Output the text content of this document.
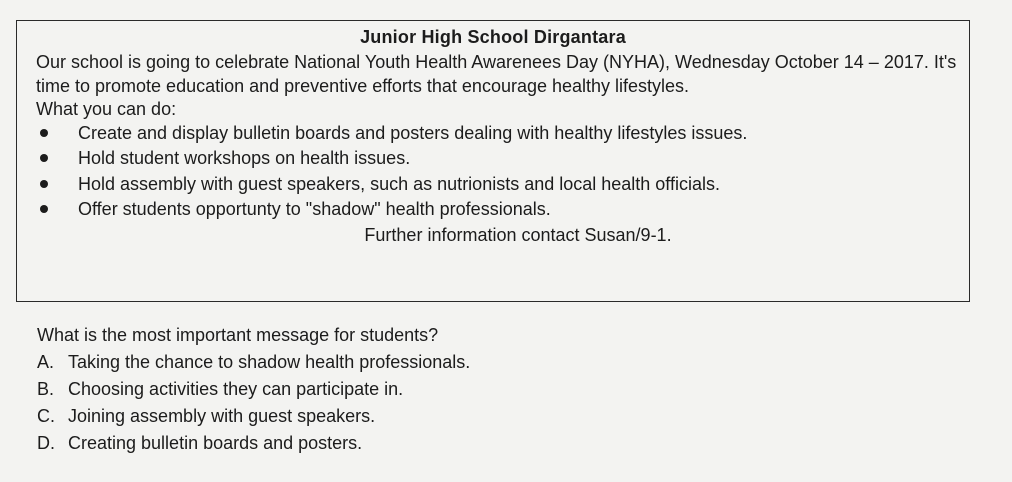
Junior High School Dirgantara

Our school is going to celebrate National Youth Health Awarenees Day (NYHA), Wednesday October 14 – 2017. It's time to promote education and preventive efforts that encourage healthy lifestyles.

What you can do:

Create and display bulletin boards and posters dealing with healthy lifestyles issues.
Hold student workshops on health issues.
Hold assembly with guest speakers, such as nutrionists and local health officials.
Offer students opportunty to "shadow" health professionals.

Further information contact Susan/9-1.

What is the most important message for students?

A. Taking the chance to shadow health professionals.
B. Choosing activities they can participate in.
C. Joining assembly with guest speakers.
D. Creating bulletin boards and posters.
